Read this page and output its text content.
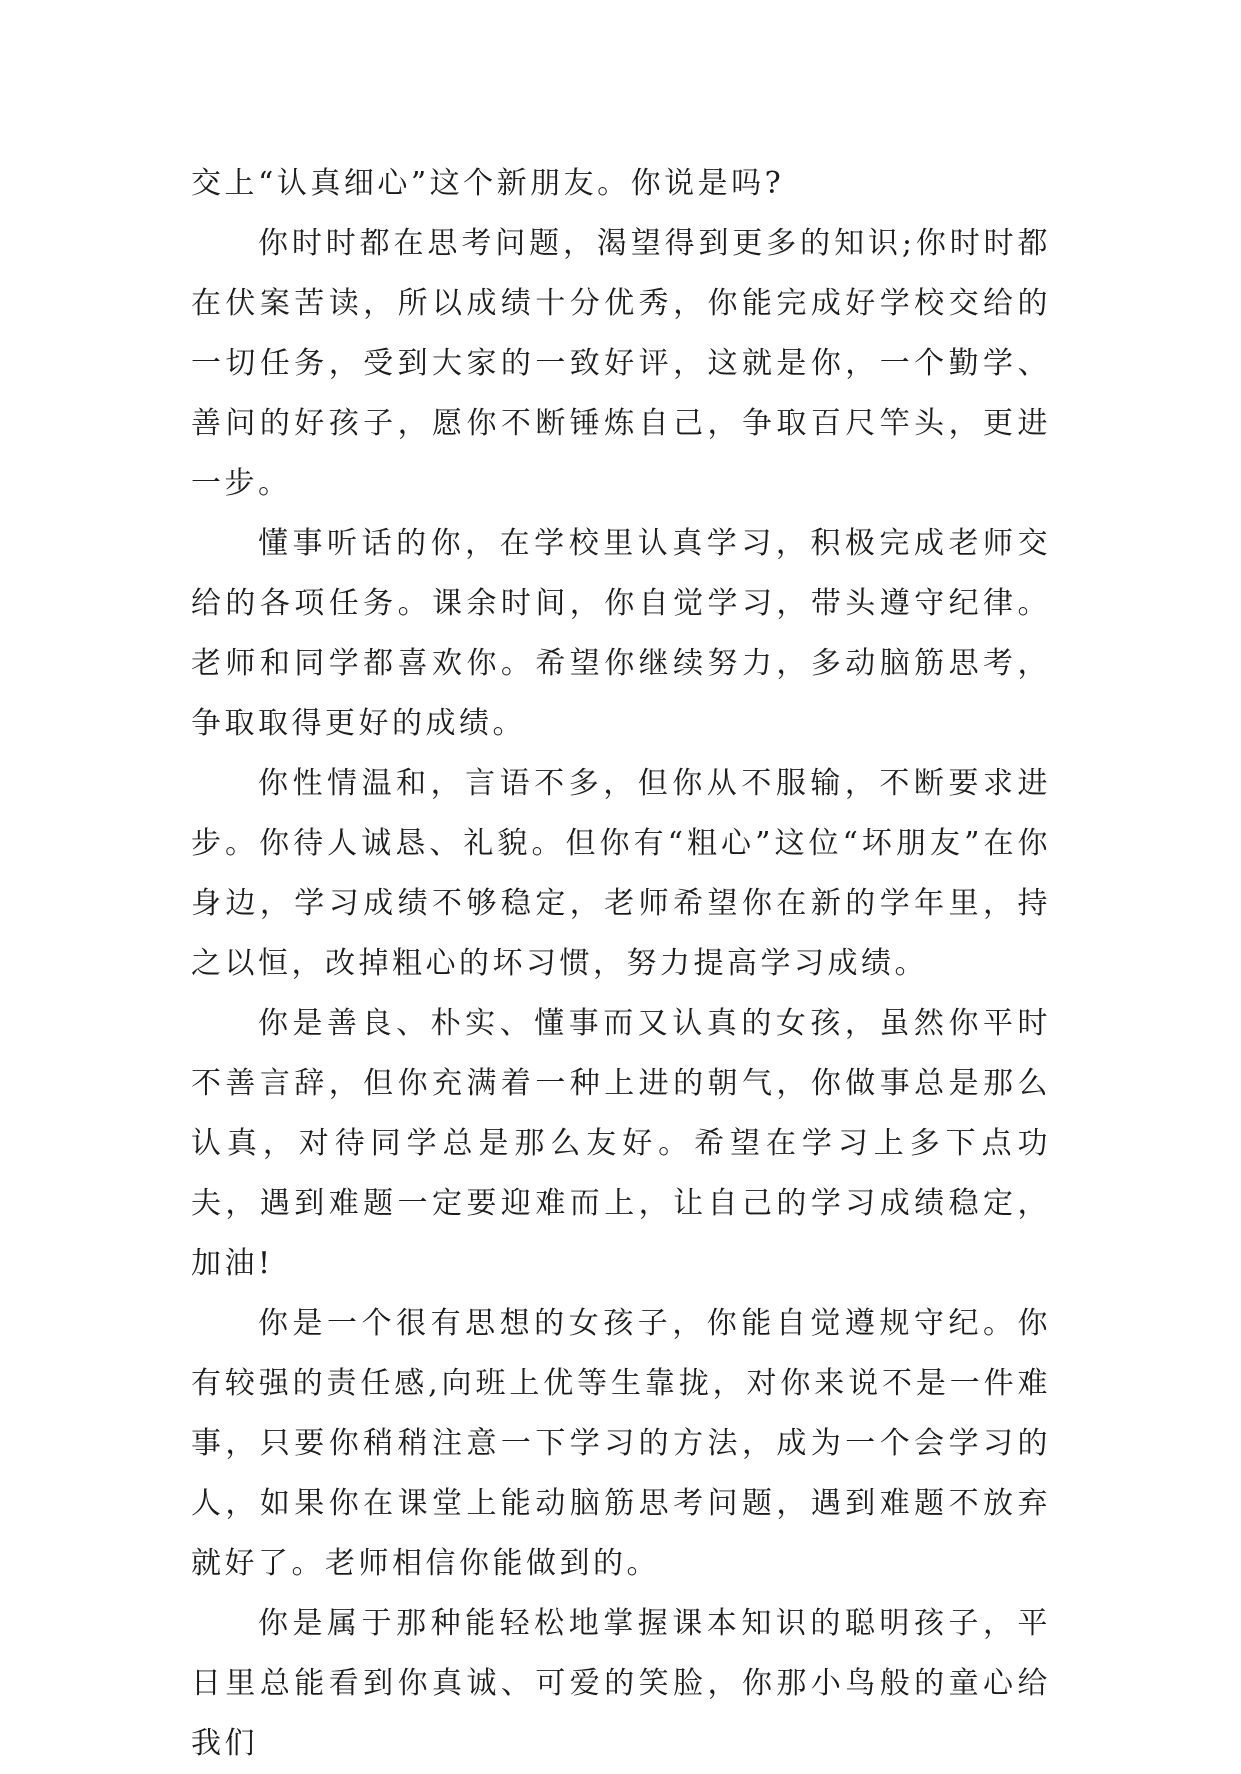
交上“认真细心”这个新朋友。你说是吗?

你时时都在思考问题，渴望得到更多的知识;你时时都在伏案苦读，所以成绩十分优秀，你能完成好学校交给的一切任务，受到大家的一致好评，这就是你，一个勤学、善问的好孩子，愿你不断锤炼自己，争取百尺竿头，更进一步。

懂事听话的你，在学校里认真学习，积极完成老师交给的各项任务。课余时间，你自觉学习，带头遵守纪律。老师和同学都喜欢你。希望你继续努力，多动脑筋思考，争取取得更好的成绩。

你性情温和，言语不多，但你从不服输，不断要求进步。你待人诚恳、礼貌。但你有“粗心”这位“坏朋友”在你身边，学习成绩不够稳定，老师希望你在新的学年里，持之以恒，改掉粗心的坏习惯，努力提高学习成绩。

你是善良、朴实、懂事而又认真的女孩，虽然你平时不善言辞，但你充满着一种上进的朝气，你做事总是那么认真，对待同学总是那么友好。希望在学习上多下点功夫，遇到难题一定要迎难而上，让自己的学习成绩稳定，加油!

你是一个很有思想的女孩子，你能自觉遵规守纪。你有较强的责任感,向班上优等生靠拢，对你来说不是一件难事，只要你稍稍注意一下学习的方法，成为一个会学习的人，如果你在课堂上能动脑筋思考问题，遇到难题不放弃就好了。老师相信你能做到的。

你是属于那种能轻松地掌握课本知识的聪明孩子，平日里总能看到你真诚、可爱的笑脸，你那小鸟般的童心给我们
